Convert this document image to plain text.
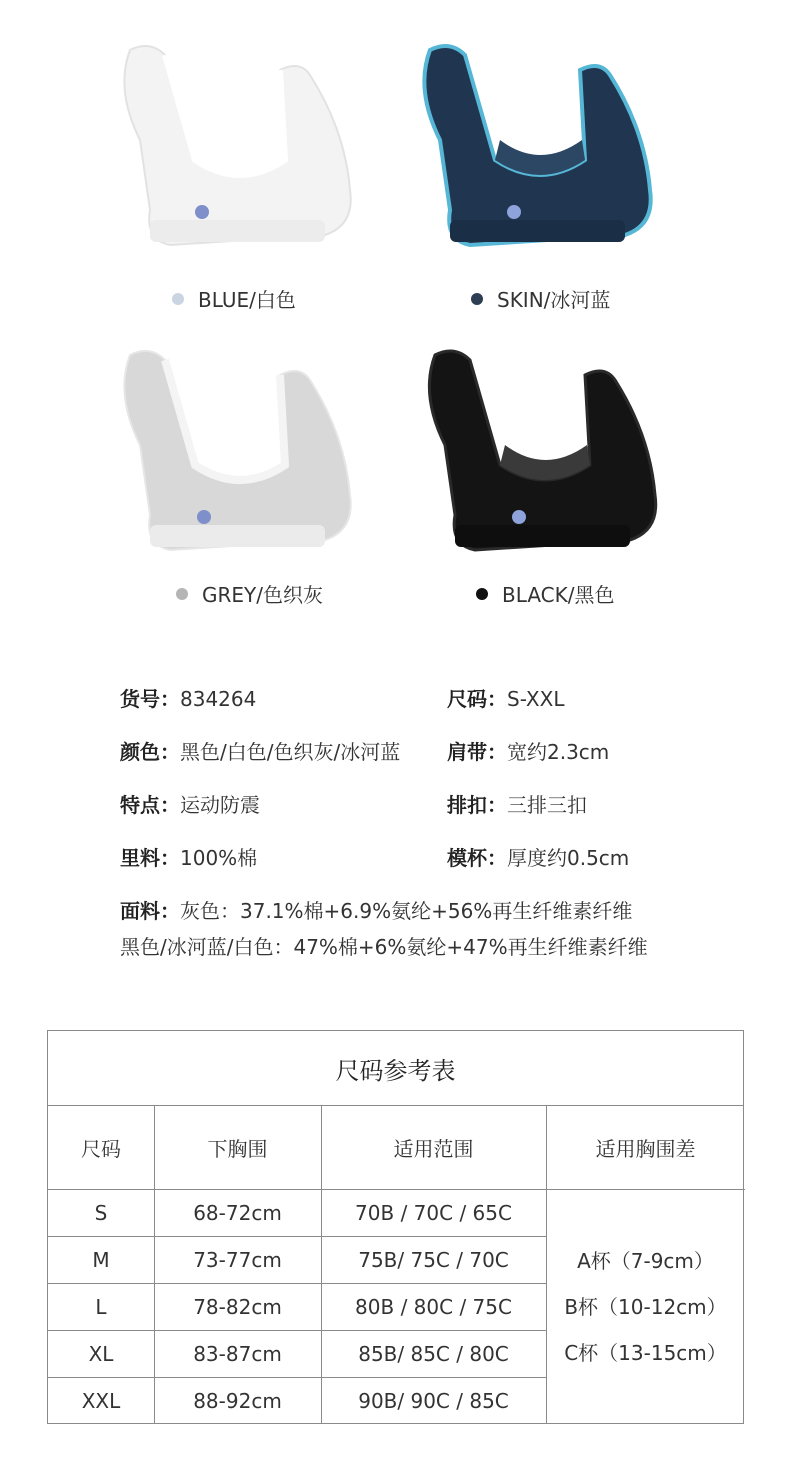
BLUE/白色	SKIN/冰河蓝
GREY/色织灰	BLACK/黑色
货号：834264	尺码：S-XXL
颜色：黑色/白色/色织灰/冰河蓝 肩带：宽约2.3cm
特点：运动防震	排扣：三排三扣
里料：100%棉	模杯：厚度约0.5cm
面料：灰色：37.1%棉+6.9%氨纶+56%再生纤维素纤维
黑色/冰河蓝/白色：47%棉+6%氨纶+47%再生纤维素纤维
尺码参考表
尺码	下胸围	适用范围	适用胸围差
S	68-72cm	70B / 70C / 65C
M	73-77cm	75B/ 75C / 70C
L	78-82cm	80B / 80C / 75C
XL	83-87cm	85B/ 85C / 80C
XXL	88-92cm	90B/ 90C / 85C
A杯（7-9cm）
B杯（10-12cm）
C杯（13-15cm）
